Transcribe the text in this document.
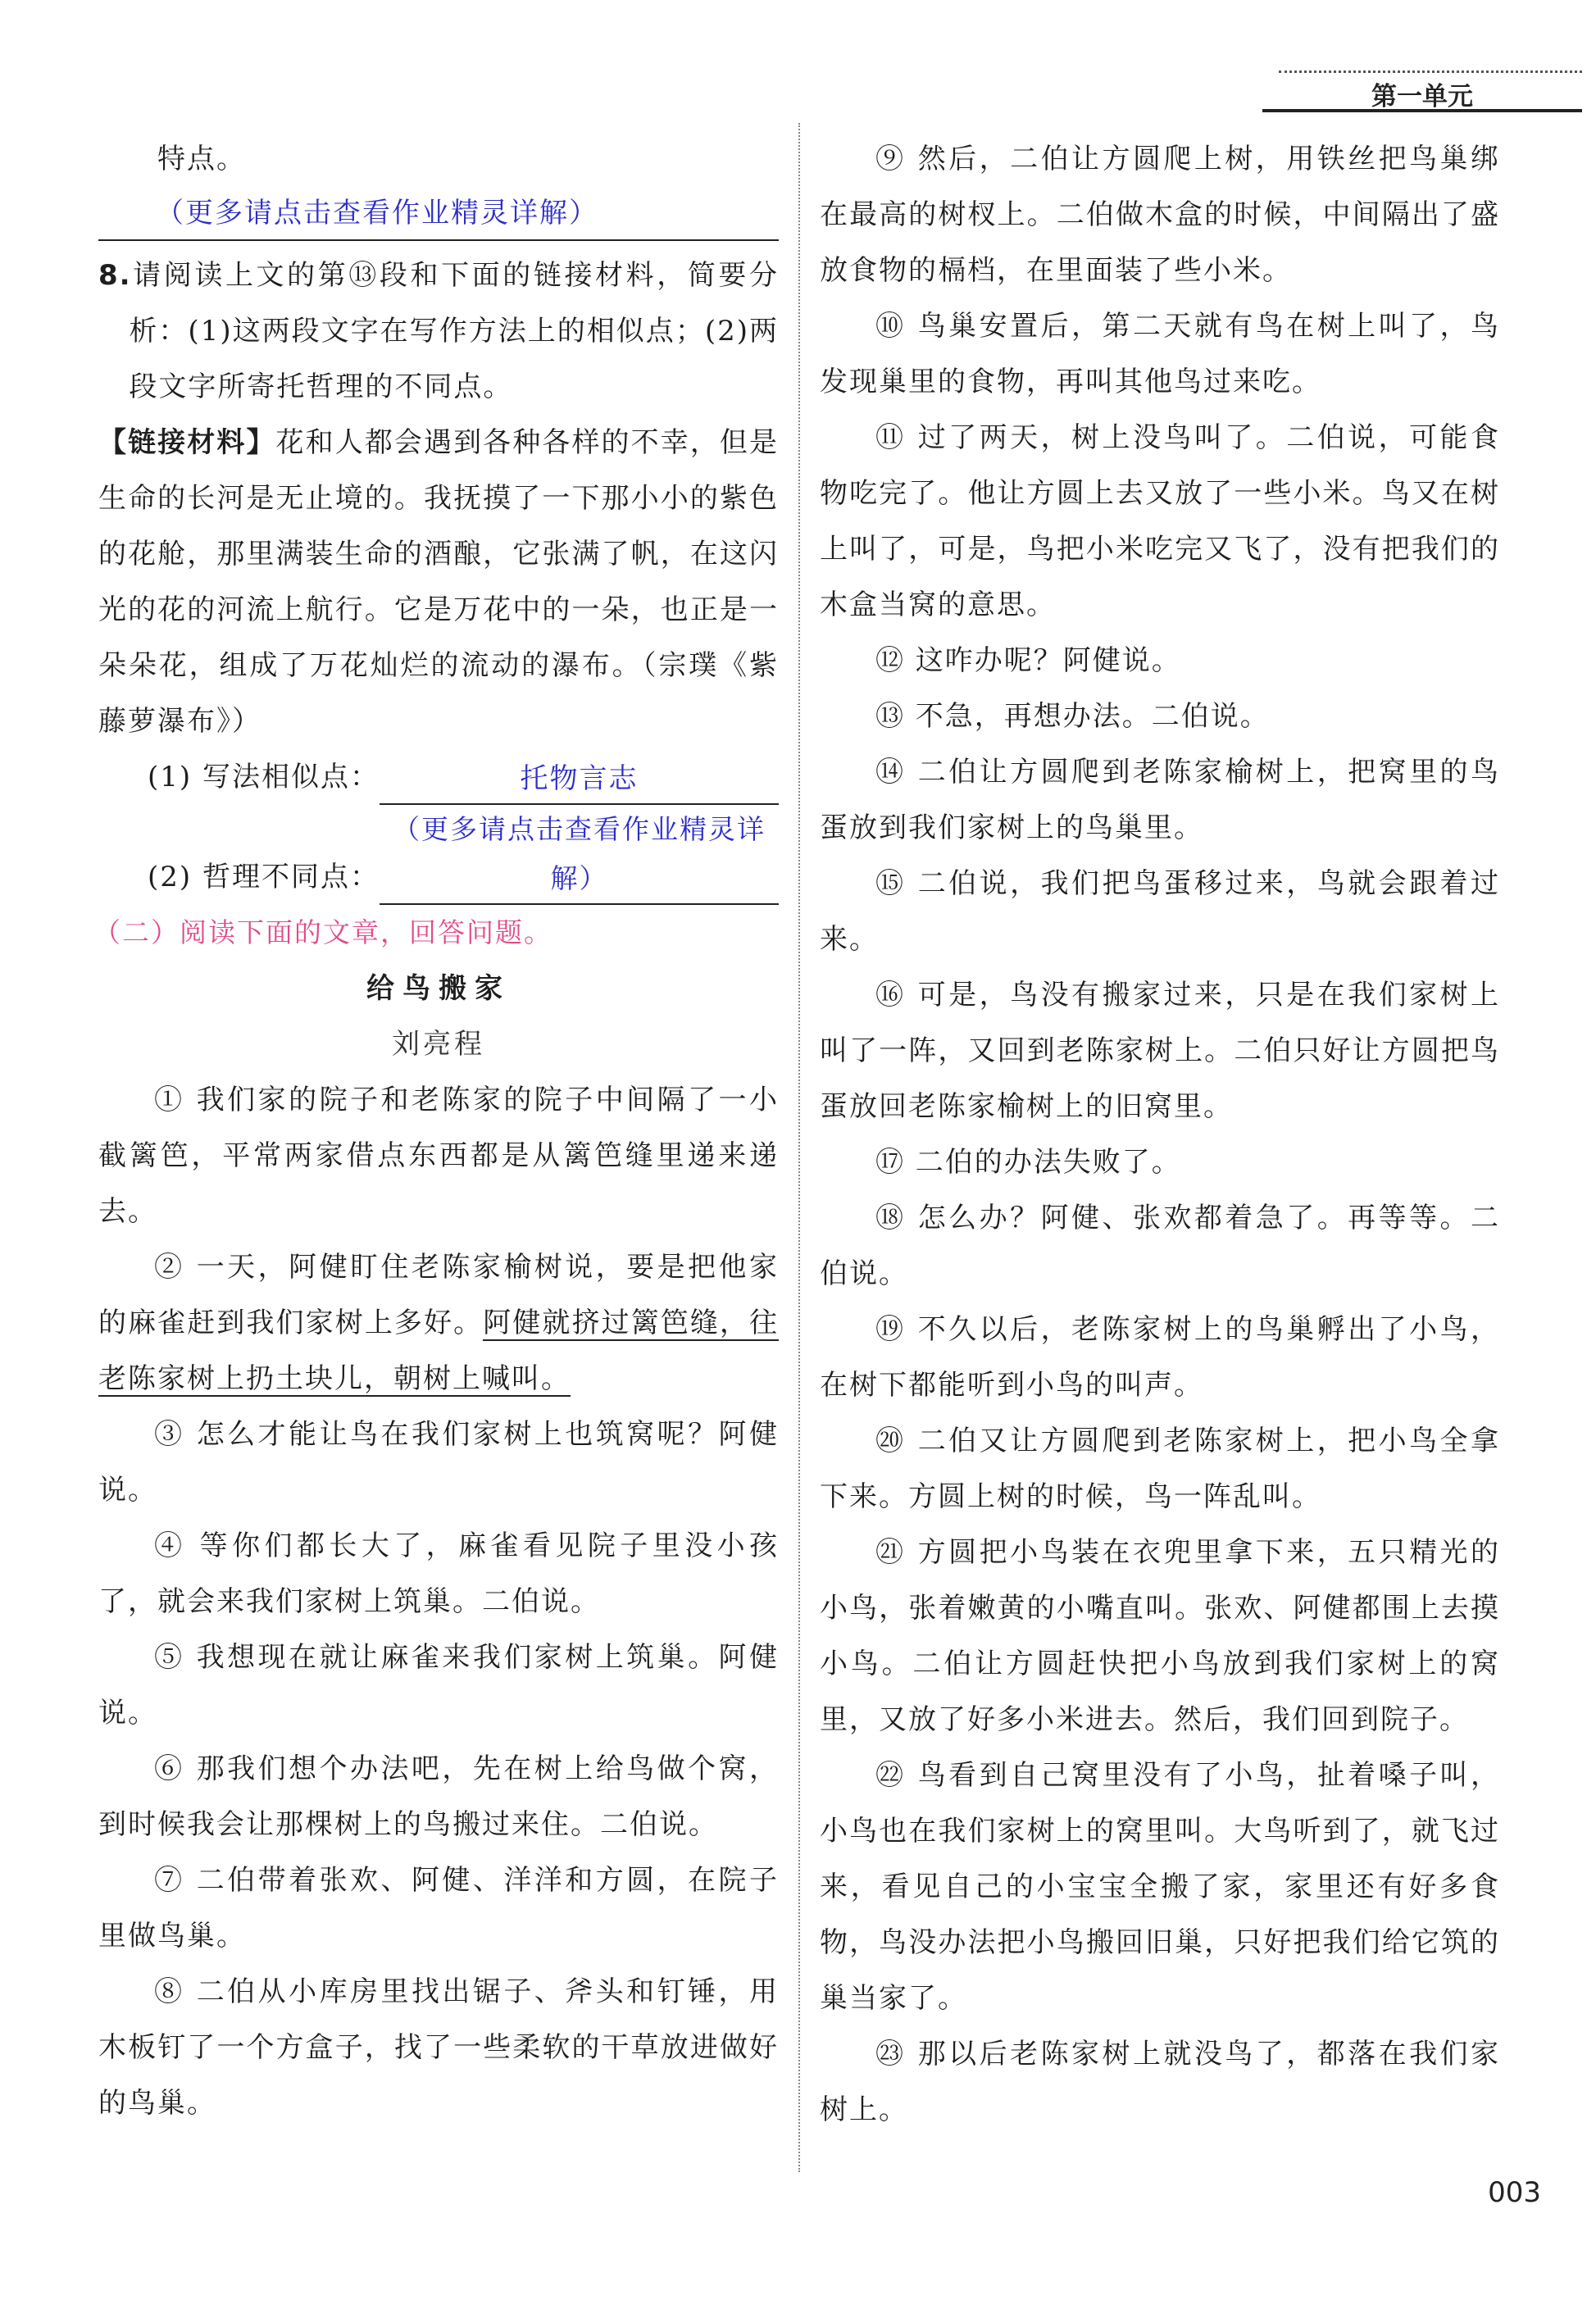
第一单元

特点。

（更多请点击查看作业精灵详解）

8.请阅读上文的第⑬段和下面的链接材料，简要分析：(1)这两段文字在写作方法上的相似点；(2)两段文字所寄托哲理的不同点。

【链接材料】花和人都会遇到各种各样的不幸，但是生命的长河是无止境的。我抚摸了一下那小小的紫色的花舱，那里满装生命的酒酿，它张满了帆，在这闪光的花的河流上航行。它是万花中的一朵，也正是一朵朵花，组成了万花灿烂的流动的瀑布。（宗璞《紫藤萝瀑布》）

(1) 写法相似点：	托物言志
(2) 哲理不同点：
（更多请点击查看作业精灵详解）

（二）阅读下面的文章，回答问题。

给鸟搬家

刘亮程

① 我们家的院子和老陈家的院子中间隔了一小截篱笆，平常两家借点东西都是从篱笆缝里递来递去。

② 一天，阿健盯住老陈家榆树说，要是把他家的麻雀赶到我们家树上多好。阿健就挤过篱笆缝，往老陈家树上扔土块儿，朝树上喊叫。

③ 怎么才能让鸟在我们家树上也筑窝呢？阿健说。

④ 等你们都长大了，麻雀看见院子里没小孩了，就会来我们家树上筑巢。二伯说。

⑤ 我想现在就让麻雀来我们家树上筑巢。阿健说。

⑥ 那我们想个办法吧，先在树上给鸟做个窝，到时候我会让那棵树上的鸟搬过来住。二伯说。

⑦ 二伯带着张欢、阿健、洋洋和方圆，在院子里做鸟巢。

⑧ 二伯从小库房里找出锯子、斧头和钉锤，用木板钉了一个方盒子，找了一些柔软的干草放进做好的鸟巢。

⑨ 然后，二伯让方圆爬上树，用铁丝把鸟巢绑在最高的树杈上。二伯做木盒的时候，中间隔出了盛放食物的槅档，在里面装了些小米。

⑩ 鸟巢安置后，第二天就有鸟在树上叫了，鸟发现巢里的食物，再叫其他鸟过来吃。

⑪ 过了两天，树上没鸟叫了。二伯说，可能食物吃完了。他让方圆上去又放了一些小米。鸟又在树上叫了，可是，鸟把小米吃完又飞了，没有把我们的木盒当窝的意思。

⑫ 这咋办呢？阿健说。

⑬ 不急，再想办法。二伯说。

⑭ 二伯让方圆爬到老陈家榆树上，把窝里的鸟蛋放到我们家树上的鸟巢里。

⑮ 二伯说，我们把鸟蛋移过来，鸟就会跟着过来。

⑯ 可是，鸟没有搬家过来，只是在我们家树上叫了一阵，又回到老陈家树上。二伯只好让方圆把鸟蛋放回老陈家榆树上的旧窝里。

⑰ 二伯的办法失败了。

⑱ 怎么办？阿健、张欢都着急了。再等等。二伯说。

⑲ 不久以后，老陈家树上的鸟巢孵出了小鸟，在树下都能听到小鸟的叫声。

⑳ 二伯又让方圆爬到老陈家树上，把小鸟全拿下来。方圆上树的时候，鸟一阵乱叫。

㉑ 方圆把小鸟装在衣兜里拿下来，五只精光的小鸟，张着嫩黄的小嘴直叫。张欢、阿健都围上去摸小鸟。二伯让方圆赶快把小鸟放到我们家树上的窝里，又放了好多小米进去。然后，我们回到院子。

㉒ 鸟看到自己窝里没有了小鸟，扯着嗓子叫，小鸟也在我们家树上的窝里叫。大鸟听到了，就飞过来，看见自己的小宝宝全搬了家，家里还有好多食物，鸟没办法把小鸟搬回旧巢，只好把我们给它筑的巢当家了。

㉓ 那以后老陈家树上就没鸟了，都落在我们家树上。

003
